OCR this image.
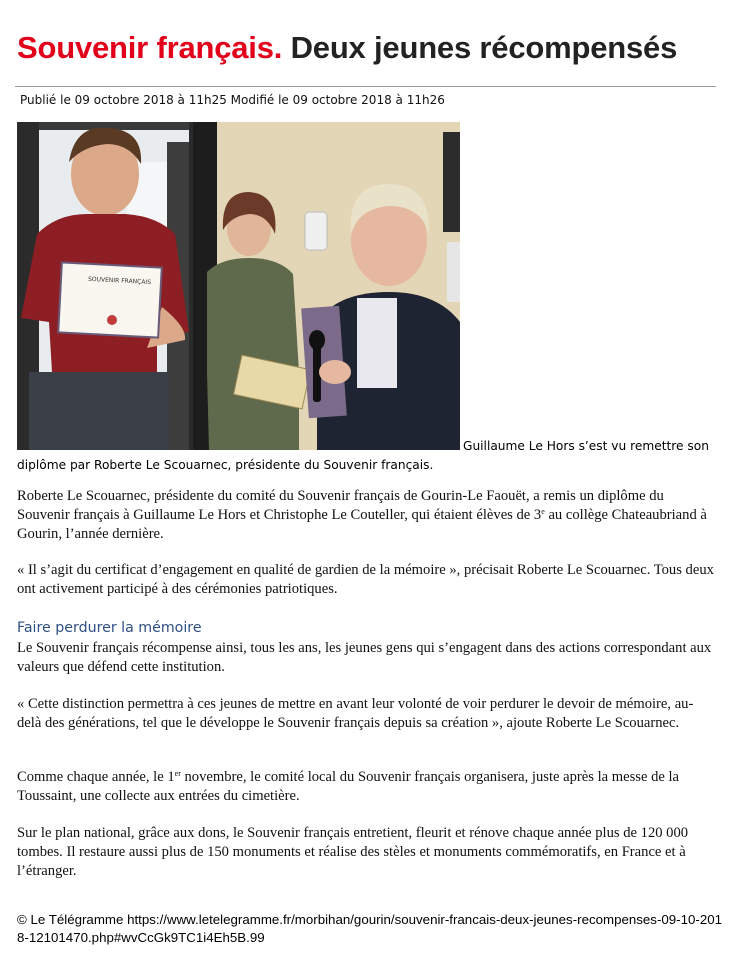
Souvenir français. Deux jeunes récompensés
Publié le 09 octobre 2018 à 11h25 Modifié le 09 octobre 2018 à 11h26
SOUVENIR FRANÇAIS
Guillaume Le Hors s’est vu remettre son diplôme par Roberte Le Scouarnec, présidente du Souvenir français.

Roberte Le Scouarnec, présidente du comité du Souvenir français de Gourin-Le Faouët, a remis un diplôme du Souvenir français à Guillaume Le Hors et Christophe Le Couteller, qui étaient élèves de 3e au collège Chateaubriand à Gourin, l’année dernière.

« Il s’agit du certificat d’engagement en qualité de gardien de la mémoire », précisait Roberte Le Scouarnec. Tous deux ont activement participé à des cérémonies patriotiques.

Faire perdurer la mémoire

Le Souvenir français récompense ainsi, tous les ans, les jeunes gens qui s’engagent dans des actions correspondant aux valeurs que défend cette institution.

« Cette distinction permettra à ces jeunes de mettre en avant leur volonté de voir perdurer le devoir de mémoire, au-delà des générations, tel que le développe le Souvenir français depuis sa création », ajoute Roberte Le Scouarnec.

Comme chaque année, le 1er novembre, le comité local du Souvenir français organisera, juste après la messe de la Toussaint, une collecte aux entrées du cimetière.

Sur le plan national, grâce aux dons, le Souvenir français entretient, fleurit et rénove chaque année plus de 120 000 tombes. Il restaure aussi plus de 150 monuments et réalise des stèles et monuments commémoratifs, en France et à l’étranger.

© Le Télégramme https://www.letelegramme.fr/morbihan/gourin/souvenir-francais-deux-jeunes-recompenses-09-10-2018-12101470.php#wvCcGk9TC1i4Eh5B.99
